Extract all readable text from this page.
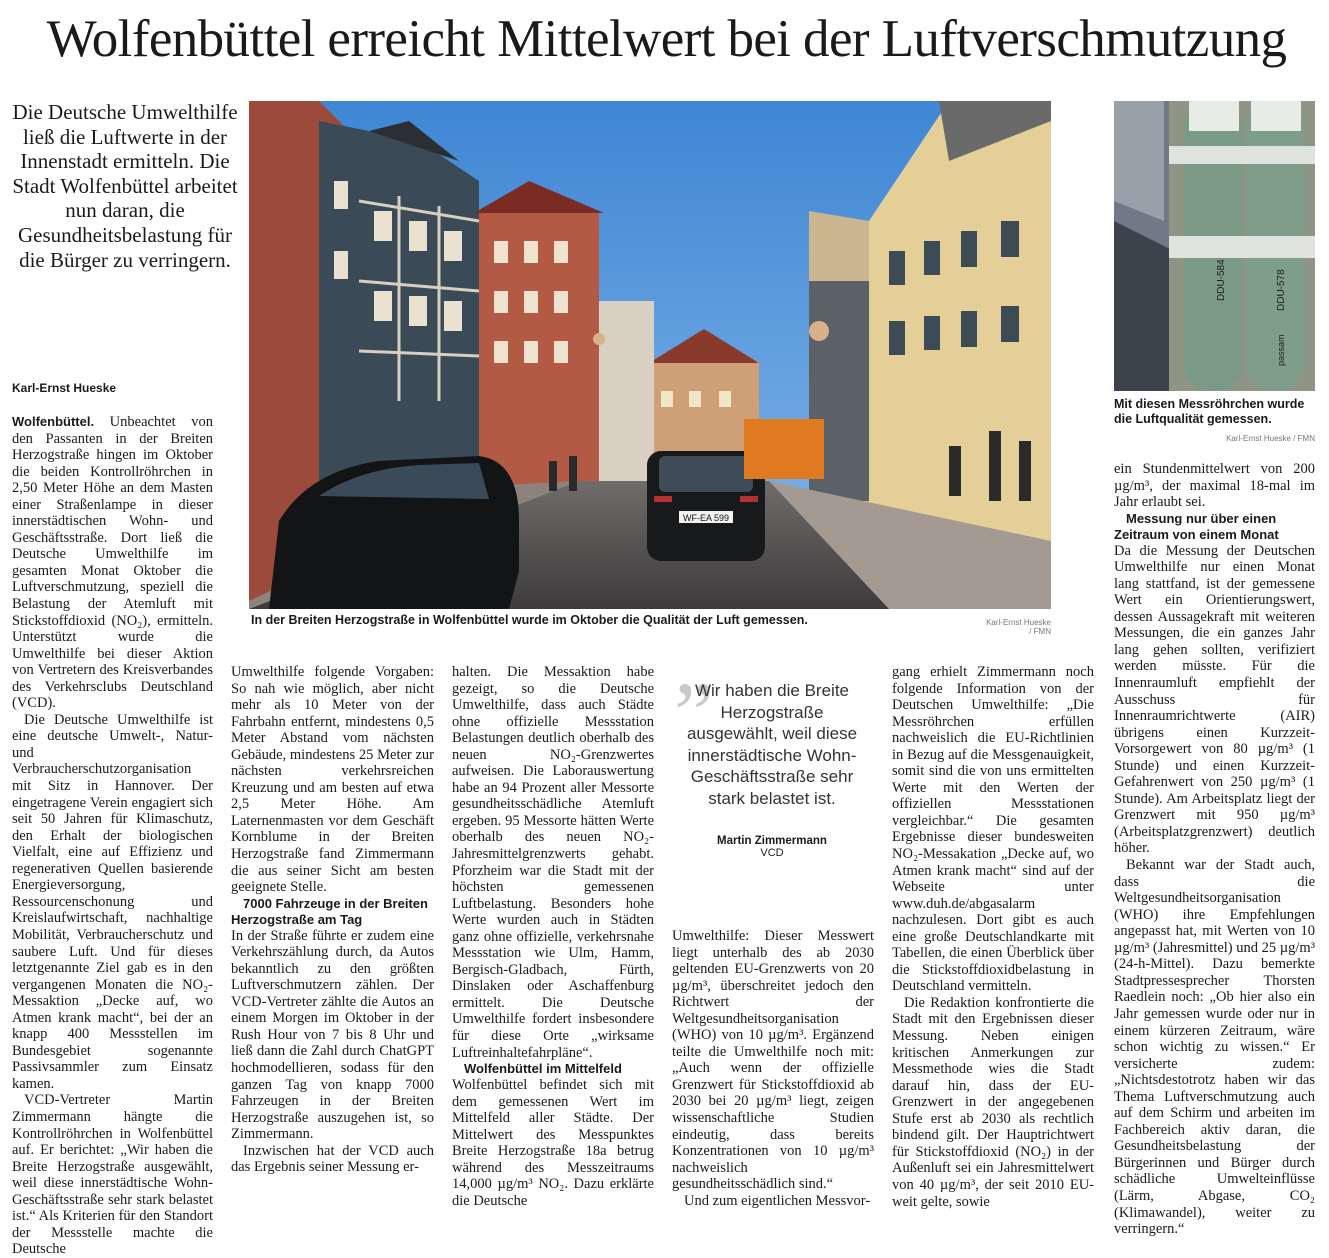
Wolfenbüttel erreicht Mittelwert bei der Luftverschmutzung
Die Deutsche Umwelthilfe ließ die Luftwerte in der Innenstadt ermitteln. Die Stadt Wolfenbüttel arbeitet nun daran, die Gesundheitsbelastung für die Bürger zu verringern.
Karl-Ernst Hueske
WF-EA 599
In der Breiten Herzogstraße in Wolfenbüttel wurde im Oktober die Qualität der Luft gemessen.	Karl-Ernst Hueske / FMN
DDU-584	DDU-578
passam
Mit diesen Messröhrchen wurde die Luftqualität gemessen.
Karl-Ernst Hueske / FMN

Wolfenbüttel. Unbeachtet von den Passanten in der Breiten Herzogstraße hingen im Oktober die beiden Kontrollröhrchen in 2,50 Meter Höhe an dem Masten einer Straßenlampe in dieser innerstädtischen Wohn- und Geschäftsstraße. Dort ließ die Deutsche Umwelthilfe im gesamten Monat Oktober die Luftverschmutzung, speziell die Belastung der Atemluft mit Stickstoffdioxid (NO₂), ermitteln. Unterstützt wurde die Umwelthilfe bei dieser Aktion von Vertretern des Kreisverbandes des Verkehrsclubs Deutschland (VCD).

Die Deutsche Umwelthilfe ist eine deutsche Umwelt-, Natur- und Verbraucherschutzorganisation mit Sitz in Hannover. Der eingetragene Verein engagiert sich seit 50 Jahren für Klimaschutz, den Erhalt der biologischen Vielfalt, eine auf Effizienz und regenerativen Quellen basierende Energieversorgung, Ressourcenschonung und Kreislaufwirtschaft, nachhaltige Mobilität, Verbraucherschutz und saubere Luft. Und für dieses letztgenannte Ziel gab es in den vergangenen Monaten die NO₂-Messaktion „Decke auf, wo Atmen krank macht“, bei der an knapp 400 Messstellen im Bundesgebiet sogenannte Passivsammler zum Einsatz kamen.

VCD-Vertreter Martin Zimmermann hängte die Kontrollröhrchen in Wolfenbüttel auf. Er berichtet: „Wir haben die Breite Herzogstraße ausgewählt, weil diese innerstädtische Wohn-Geschäftsstraße sehr stark belastet ist.“ Als Kriterien für den Standort der Messstelle machte die Deutsche

Umwelthilfe folgende Vorgaben: So nah wie möglich, aber nicht mehr als 10 Meter von der Fahrbahn entfernt, mindestens 0,5 Meter Abstand vom nächsten Gebäude, mindestens 25 Meter zur nächsten verkehrsreichen Kreuzung und am besten auf etwa 2,5 Meter Höhe. Am Laternenmasten vor dem Geschäft Kornblume in der Breiten Herzogstraße fand Zimmermann die aus seiner Sicht am besten geeignete Stelle.

7000 Fahrzeuge in der Breiten Herzogstraße am Tag

In der Straße führte er zudem eine Verkehrszählung durch, da Autos bekanntlich zu den größten Luftverschmutzern zählen. Der VCD-Vertreter zählte die Autos an einem Morgen im Oktober in der Rush Hour von 7 bis 8 Uhr und ließ dann die Zahl durch ChatGPT hochmodellieren, sodass für den ganzen Tag von knapp 7000 Fahrzeugen in der Breiten Herzogstraße auszugehen ist, so Zimmermann.

Inzwischen hat der VCD auch das Ergebnis seiner Messung er-

halten. Die Messaktion habe gezeigt, so die Deutsche Umwelthilfe, dass auch Städte ohne offizielle Messstation Belastungen deutlich oberhalb des neuen NO₂-Grenzwertes aufweisen. Die Laborauswertung habe an 94 Prozent aller Messorte gesundheitsschädliche Atemluft ergeben. 95 Messorte hätten Werte oberhalb des neuen NO₂-Jahresmittelgrenzwerts gehabt. Pforzheim war die Stadt mit der höchsten gemessenen Luftbelastung. Besonders hohe Werte wurden auch in Städten ganz ohne offizielle, verkehrsnahe Messstation wie Ulm, Hamm, Bergisch-Gladbach, Fürth, Dinslaken oder Aschaffenburg ermittelt. Die Deutsche Umwelthilfe fordert insbesondere für diese Orte „wirksame Luftreinhaltefahrpläne“.

Wolfenbüttel im Mittelfeld

Wolfenbüttel befindet sich mit dem gemessenen Wert im Mittelfeld aller Städte. Der Mittelwert des Messpunktes Breite Herzogstraße 18a betrug während des Messzeitraums 14,000 µg/m³ NO₂. Dazu erklärte die Deutsche

”
Wir haben die Breite Herzogstraße ausgewählt, weil diese innerstädtische Wohn-Geschäftsstraße sehr stark belastet ist.
Martin Zimmermann
VCD

Umwelthilfe: Dieser Messwert liegt unterhalb des ab 2030 geltenden EU-Grenzwerts von 20 µg/m³, überschreitet jedoch den Richtwert der Weltgesundheitsorganisation (WHO) von 10 µg/m³. Ergänzend teilte die Umwelthilfe noch mit: „Auch wenn der offizielle Grenzwert für Stickstoffdioxid ab 2030 bei 20 µg/m³ liegt, zeigen wissenschaftliche Studien eindeutig, dass bereits Konzentrationen von 10 µg/m³ nachweislich gesundheitsschädlich sind.“

Und zum eigentlichen Messvor-

gang erhielt Zimmermann noch folgende Information von der Deutschen Umwelthilfe: „Die Messröhrchen erfüllen nachweislich die EU-Richtlinien in Bezug auf die Messgenauigkeit, somit sind die von uns ermittelten Werte mit den Werten der offiziellen Messstationen vergleichbar.“ Die gesamten Ergebnisse dieser bundesweiten NO₂-Messakation „Decke auf, wo Atmen krank macht“ sind auf der Webseite unter www.duh.de/abgasalarm nachzulesen. Dort gibt es auch eine große Deutschlandkarte mit Tabellen, die einen Überblick über die Stickstoffdioxidbelastung in Deutschland vermitteln.

Die Redaktion konfrontierte die Stadt mit den Ergebnissen dieser Messung. Neben einigen kritischen Anmerkungen zur Messmethode wies die Stadt darauf hin, dass der EU-Grenzwert in der angegebenen Stufe erst ab 2030 als rechtlich bindend gilt. Der Hauptrichtwert für Stickstoffdioxid (NO₂) in der Außenluft sei ein Jahresmittelwert von 40 µg/m³, der seit 2010 EU-weit gelte, sowie

ein Stundenmittelwert von 200 µg/m³, der maximal 18-mal im Jahr erlaubt sei.

Messung nur über einen Zeitraum von einem Monat

Da die Messung der Deutschen Umwelthilfe nur einen Monat lang stattfand, ist der gemessene Wert ein Orientierungswert, dessen Aussagekraft mit weiteren Messungen, die ein ganzes Jahr lang gehen sollten, verifiziert werden müsste. Für die Innenraumluft empfiehlt der Ausschuss für Innenraumrichtwerte (AIR) übrigens einen Kurzzeit-Vorsorgewert von 80 µg/m³ (1 Stunde) und einen Kurzzeit-Gefahrenwert von 250 µg/m³ (1 Stunde). Am Arbeitsplatz liegt der Grenzwert mit 950 µg/m³ (Arbeitsplatzgrenzwert) deutlich höher.

Bekannt war der Stadt auch, dass die Weltgesundheitsorganisation (WHO) ihre Empfehlungen angepasst hat, mit Werten von 10 µg/m³ (Jahresmittel) und 25 µg/m³ (24-h-Mittel). Dazu bemerkte Stadtpressesprecher Thorsten Raedlein noch: „Ob hier also ein Jahr gemessen wurde oder nur in einem kürzeren Zeitraum, wäre schon wichtig zu wissen.“ Er versicherte zudem: „Nichtsdestotrotz haben wir das Thema Luftverschmutzung auch auf dem Schirm und arbeiten im Fachbereich aktiv daran, die Gesundheitsbelastung der Bürgerinnen und Bürger durch schädliche Umwelteinflüsse (Lärm, Abgase, CO₂ (Klimawandel), weiter zu verringern.“
